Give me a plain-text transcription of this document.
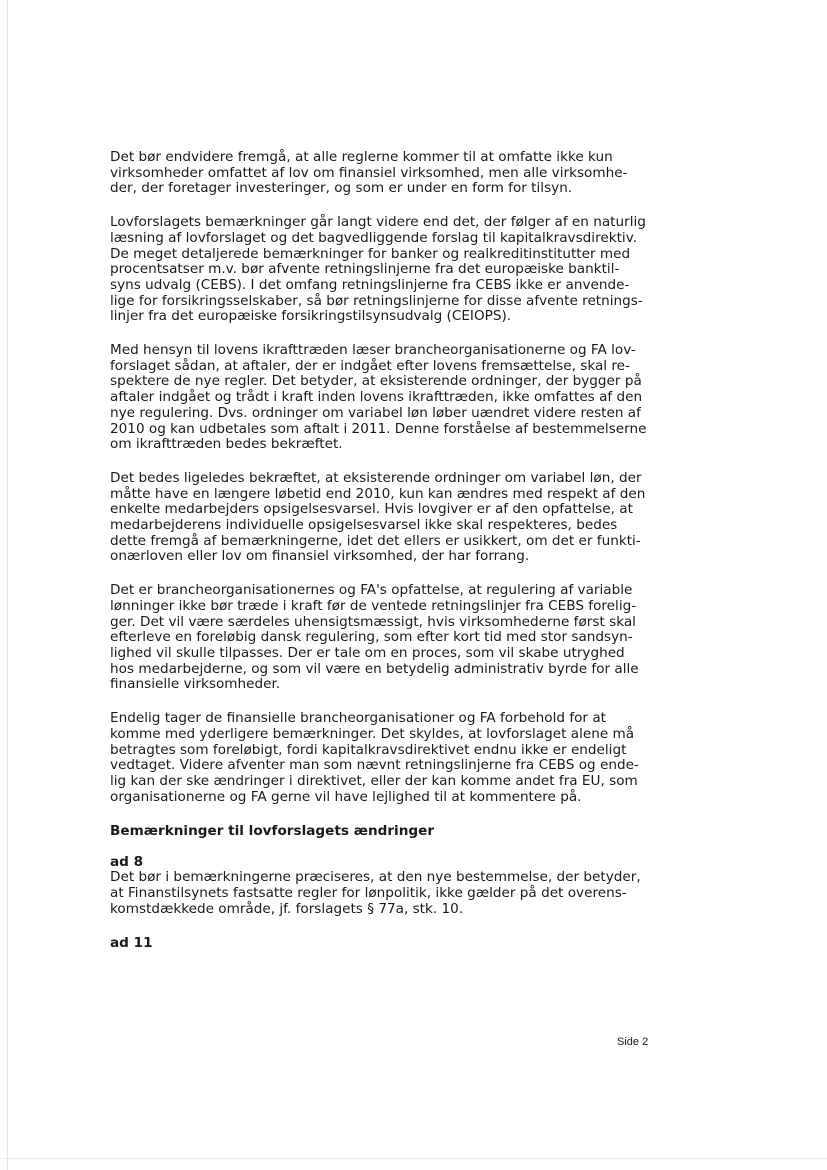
Det bør endvidere fremgå, at alle reglerne kommer til at omfatte ikke kun
virksomheder omfattet af lov om finansiel virksomhed, men alle virksomhe-
der, der foretager investeringer, og som er under en form for tilsyn.
Lovforslagets bemærkninger går langt videre end det, der følger af en naturlig
læsning af lovforslaget og det bagvedliggende forslag til kapitalkravsdirektiv.
De meget detaljerede bemærkninger for banker og realkreditinstitutter med
procentsatser m.v. bør afvente retningslinjerne fra det europæiske banktil-
syns udvalg (CEBS). I det omfang retningslinjerne fra CEBS ikke er anvende-
lige for forsikringsselskaber, så bør retningslinjerne for disse afvente retnings-
linjer fra det europæiske forsikringstilsynsudvalg (CEIOPS).
Med hensyn til lovens ikrafttræden læser brancheorganisationerne og FA lov-
forslaget sådan, at aftaler, der er indgået efter lovens fremsættelse, skal re-
spektere de nye regler. Det betyder, at eksisterende ordninger, der bygger på
aftaler indgået og trådt i kraft inden lovens ikrafttræden, ikke omfattes af den
nye regulering. Dvs. ordninger om variabel løn løber uændret videre resten af
2010 og kan udbetales som aftalt i 2011. Denne forståelse af bestemmelserne
om ikrafttræden bedes bekræftet.
Det bedes ligeledes bekræftet, at eksisterende ordninger om variabel løn, der
måtte have en længere løbetid end 2010, kun kan ændres med respekt af den
enkelte medarbejders opsigelsesvarsel. Hvis lovgiver er af den opfattelse, at
medarbejderens individuelle opsigelsesvarsel ikke skal respekteres, bedes
dette fremgå af bemærkningerne, idet det ellers er usikkert, om det er funkti-
onærloven eller lov om finansiel virksomhed, der har forrang.
Det er brancheorganisationernes og FA's opfattelse, at regulering af variable
lønninger ikke bør træde i kraft før de ventede retningslinjer fra CEBS forelig-
ger. Det vil være særdeles uhensigtsmæssigt, hvis virksomhederne først skal
efterleve en foreløbig dansk regulering, som efter kort tid med stor sandsyn-
lighed vil skulle tilpasses. Der er tale om en proces, som vil skabe utryghed
hos medarbejderne, og som vil være en betydelig administrativ byrde for alle
finansielle virksomheder.
Endelig tager de finansielle brancheorganisationer og FA forbehold for at
komme med yderligere bemærkninger. Det skyldes, at lovforslaget alene må
betragtes som foreløbigt, fordi kapitalkravsdirektivet endnu ikke er endeligt
vedtaget. Videre afventer man som nævnt retningslinjerne fra CEBS og ende-
lig kan der ske ændringer i direktivet, eller der kan komme andet fra EU, som
organisationerne og FA gerne vil have lejlighed til at kommentere på.
Bemærkninger til lovforslagets ændringer
ad 8
Det bør i bemærkningerne præciseres, at den nye bestemmelse, der betyder,
at Finanstilsynets fastsatte regler for lønpolitik, ikke gælder på det overens-
komstdækkede område, jf. forslagets § 77a, stk. 10.
ad 11
Side 2
